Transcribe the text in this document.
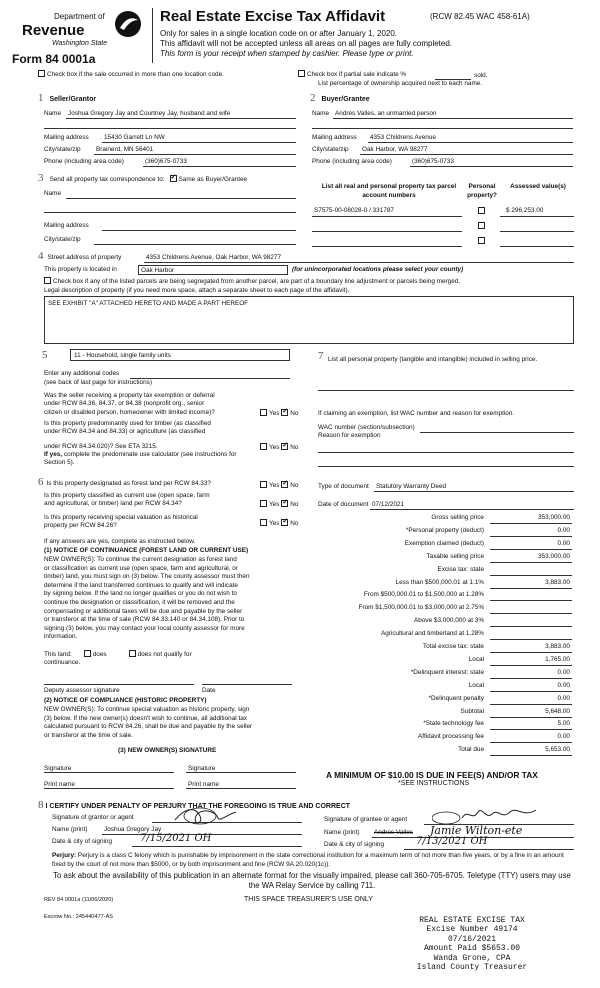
Department of
Revenue
Washington State
Form 84 0001a
Real Estate Excise Tax Affidavit	(RCW 82.45 WAC 458-61A)
Only for sales in a single location code on or after January 1, 2020.
This affidavit will not be accepted unless all areas on all pages are fully completed.
This form is your receipt when stamped by cashier. Please type or print.
Check box if the sale occurred in more than one location code.	Check box if partial sale indicate %	sold.
List percentage of ownership acquired next to each name.
1 Seller/Grantor
Name Joshua Gregory Jay and Courtney Jay, husband and wife
Mailing address 15430 Garrett Ln NW
City/state/zip Brainerd, MN 56401
Phone (including area code)	(360)675-0733
2 Buyer/Grantee
Name Andres Valles, an unmarried person
Mailing address 4353 Childrens Avenue
City/state/zip Oak Harbor, WA 98277
Phone (including area code)	(360)675-0733
3 Send all property tax correspondence to: ✓ Same as Buyer/Grantee
Name
Mailing address
City/state/zip
List all real and personal property tax parcel account numbers
Personal property?
Assessed value(s)
S7575-00-08028-0 / 331787	$ 296,253.00
4 Street address of property	4353 Childrens Avenue, Oak Harbor, WA 98277
This property is located in	Oak Harbor	(for unincorporated locations please select your county)
Check box if any of the listed parcels are being segregated from another parcel, are part of a boundary line adjustment or parcels being merged.
Legal description of property (if you need more space, attach a separate sheet to each page of the affidavit).
SEE EXHIBIT "A" ATTACHED HERETO AND MADE A PART HEREOF
5	11 - Household, single family units
Enter any additional codes
(see back of last page for instructions)
Was the seller receiving a property tax exemption or deferral
under RCW 84.36, 84.37, or 84.38 (nonprofit org., senior
citizen or disabled person, homeowner with limited income)?	Yes ✓ No
Is this property predominantly used for timber (as classified
under RCW 84.34 and 84.33) or agriculture (as classified
under RCW 84.34.020)? See ETA 3215.	Yes ✓ No
If yes, complete the predominate use calculator (see instructions for
Section 5).
7 List all personal property (tangible and intangible) included in selling price.
If claiming an exemption, list WAC number and reason for exemption.
WAC number (section/subsection)
Reason for exemption
Type of document Statutory Warranty Deed
Date of document 07/12/2021
6 Is this property designated as forest land per RCW 84.33?	Yes ✓ No
Is this property classified as current use (open space, farm
and agricultural, or timber) land per RCW 84.34?	Yes ✓ No
Is this property receiving special valuation as historical
property per RCW 84.26?	Yes ✓ No
If any answers are yes, complete as instructed below.
(1) NOTICE OF CONTINUANCE (FOREST LAND OR CURRENT USE)
NEW OWNER(S): To continue the current designation as forest land
or classification as current use (open space, farm and agricultural, or
timber) land, you must sign on (3) below. The county assessor must then
determine if the land transferred continues to qualify and will indicate
by signing below. If the land no longer qualifies or you do not wish to
continue the designation or classification, it will be removed and the
compensating or additional taxes will be due and payable by the seller
or transferor at the time of sale (RCW 84.33.140 or 84.34.108). Prior to
signing (3) below, you may contact your local county assessor for more
information.
This land:	does	does not qualify for
continuance.
Deputy assessor signature	Date
(2) NOTICE OF COMPLIANCE (HISTORIC PROPERTY)
NEW OWNER(S): To continue special valuation as historic property, sign
(3) below. If the new owner(s) doesn't wish to continue, all additional tax
calculated pursuant to RCW 84.26, shall be due and payable by the seller
or transferor at the time of sale.
(3) NEW OWNER(S) SIGNATURE
Signature	Signature
Print name	Print name
Gross selling price	353,000.00
*Personal property (deduct)	0.00
Exemption claimed (deduct)	0.00
Taxable selling price	353,000.00
Excise tax: state
Less than $500,000.01 at 1.1%	3,883.00
From $500,000.01 to $1,500,000 at 1.28%
From $1,500,000.01 to $3,000,000 at 2.75%
Above $3,000,000 at 3%
Agricultural and timberland at 1.28%
Total excise tax: state	3,883.00
Local	1,765.00
*Delinquent interest: state	0.00
Local	0.00
*Delinquent penalty	0.00
Subtotal	5,648.00
*State technology fee	5.00
Affidavit processing fee	0.00
Total due	5,653.00
A MINIMUM OF $10.00 IS DUE IN FEE(S) AND/OR TAX
*SEE INSTRUCTIONS
8 I CERTIFY UNDER PENALTY OF PERJURY THAT THE FOREGOING IS TRUE AND CORRECT
Signature of grantor or agent
Name (print)	Joshua Gregory Jay
Date & city of signing	7/15/2021 OH
Signature of grantee or agent
Name (print) Andres Valles Jamie Wilton-ete
Date & city of signing	7/13/2021 OH
Perjury: Perjury is a class C felony which is punishable by imprisonment in the state correctional institution for a maximum term of not more than five years, or by a fine in an amount fixed by the court of not more than $5000, or by both imprisonment and fine (RCW 9A.20.020(1c)).
To ask about the availability of this publication in an alternate format for the visually impaired, please call 360-705-6705. Teletype (TTY) users may use the WA Relay Service by calling 711.
REV 84 0001a (11/06/2020)	THIS SPACE TREASURER'S USE ONLY
Escrow No.: 245440477-AS	REAL ESTATE EXCISE TAX
Excise Number 49174
07/16/2021
Amount Paid $5653.00
Wanda Grone, CPA
Island County Treasurer
